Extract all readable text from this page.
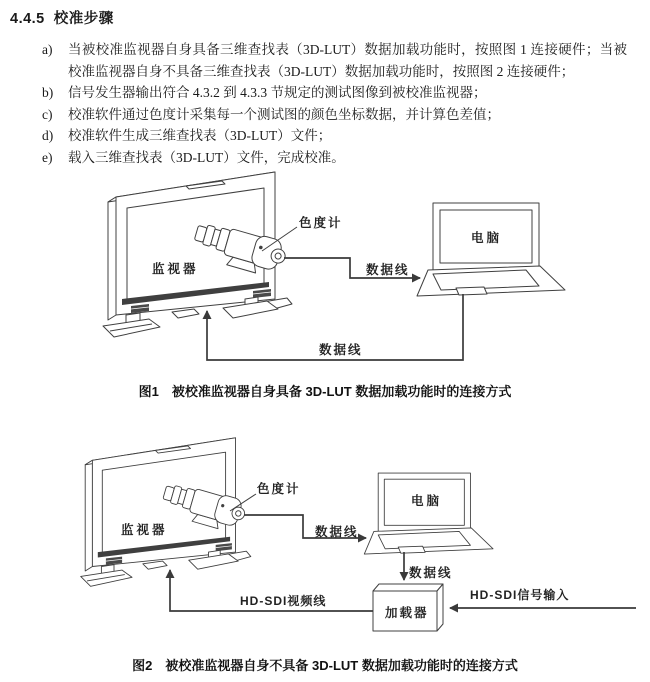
4.4.5  校准步骤
a)	当被校准监视器自身具备三维查找表（3D-LUT）数据加载功能时，按照图 1 连接硬件；当被校准监视器自身不具备三维查找表（3D-LUT）数据加载功能时，按照图 2 连接硬件；
b)	信号发生器输出符合 4.3.2 到 4.3.3 节规定的测试图像到被校准监视器；
c)	校准软件通过色度计采集每一个测试图的颜色坐标数据，并计算色差值；
d)	校准软件生成三维查找表（3D-LUT）文件；
e)	载入三维查找表（3D-LUT）文件，完成校准。
色度计
电脑
监视器	数据线
数据线
图1　被校准监视器自身具备 3D-LUT 数据加载功能时的连接方式
色度计
电脑
监视器	数据线
数据线
加载器
HD-SDI视频线	HD-SDI信号输入
图2　被校准监视器自身不具备 3D-LUT 数据加载功能时的连接方式
